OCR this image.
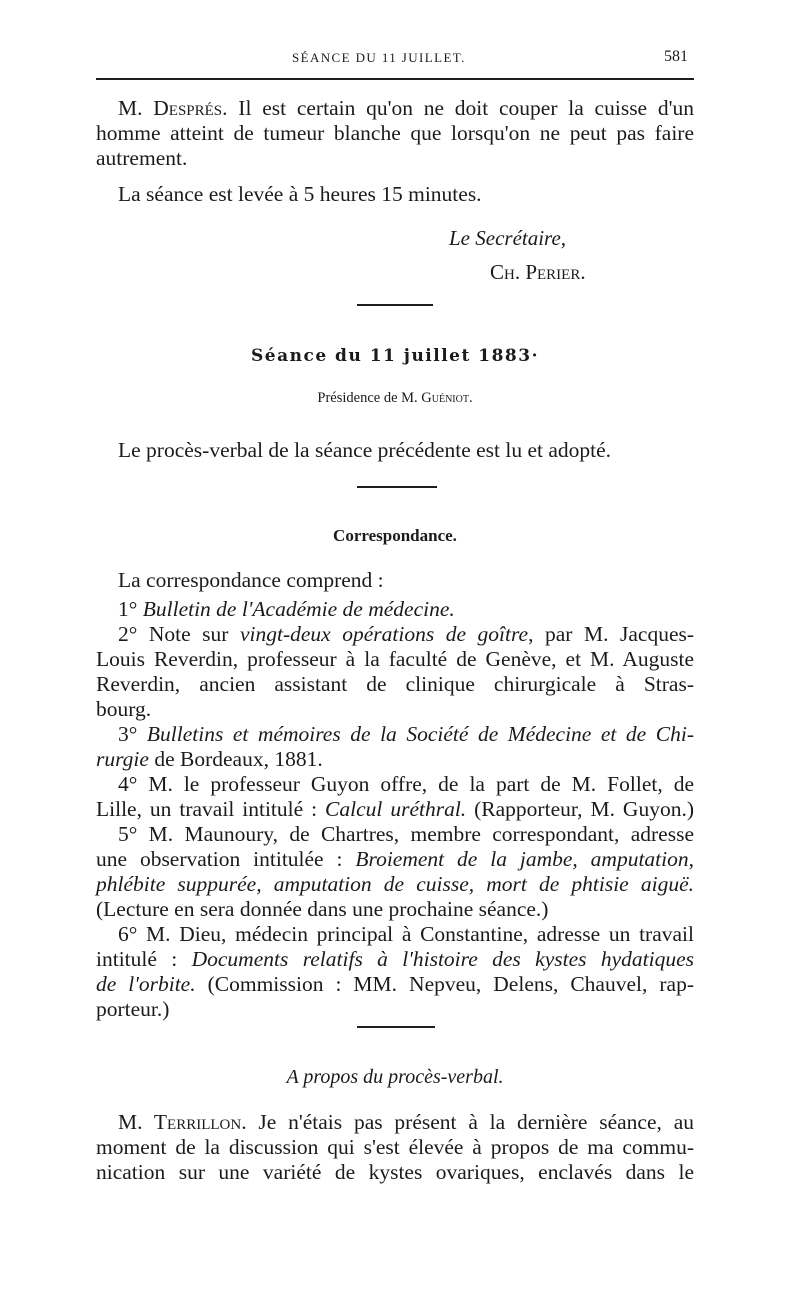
SÉANCE DU 11 JUILLET.	581
M. Després. Il est certain qu'on ne doit couper la cuisse d'un
homme atteint de tumeur blanche que lorsqu'on ne peut pas faire
autrement.
La séance est levée à 5 heures 15 minutes.
Le Secrétaire,
Ch. Perier.
Séance du 11 juillet 1883·
Présidence de M. Guéniot.
Le procès-verbal de la séance précédente est lu et adopté.
Correspondance.
La correspondance comprend :
1° Bulletin de l'Académie de médecine.
2° Note sur vingt-deux opérations de goître, par M. Jacques-
Louis Reverdin, professeur à la faculté de Genève, et M. Auguste
Reverdin, ancien assistant de clinique chirurgicale à Stras-
bourg.
3° Bulletins et mémoires de la Société de Médecine et de Chi-
rurgie de Bordeaux, 1881.
4° M. le professeur Guyon offre, de la part de M. Follet, de
Lille, un travail intitulé : Calcul uréthral. (Rapporteur, M. Guyon.)
5° M. Maunoury, de Chartres, membre correspondant, adresse
une observation intitulée : Broiement de la jambe, amputation,
phlébite suppurée, amputation de cuisse, mort de phtisie aiguë.
(Lecture en sera donnée dans une prochaine séance.)
6° M. Dieu, médecin principal à Constantine, adresse un travail
intitulé : Documents relatifs à l'histoire des kystes hydatiques
de l'orbite. (Commission : MM. Nepveu, Delens, Chauvel, rap-
porteur.)
A propos du procès-verbal.
M. Terrillon. Je n'étais pas présent à la dernière séance, au
moment de la discussion qui s'est élevée à propos de ma commu-
nication sur une variété de kystes ovariques, enclavés dans le
